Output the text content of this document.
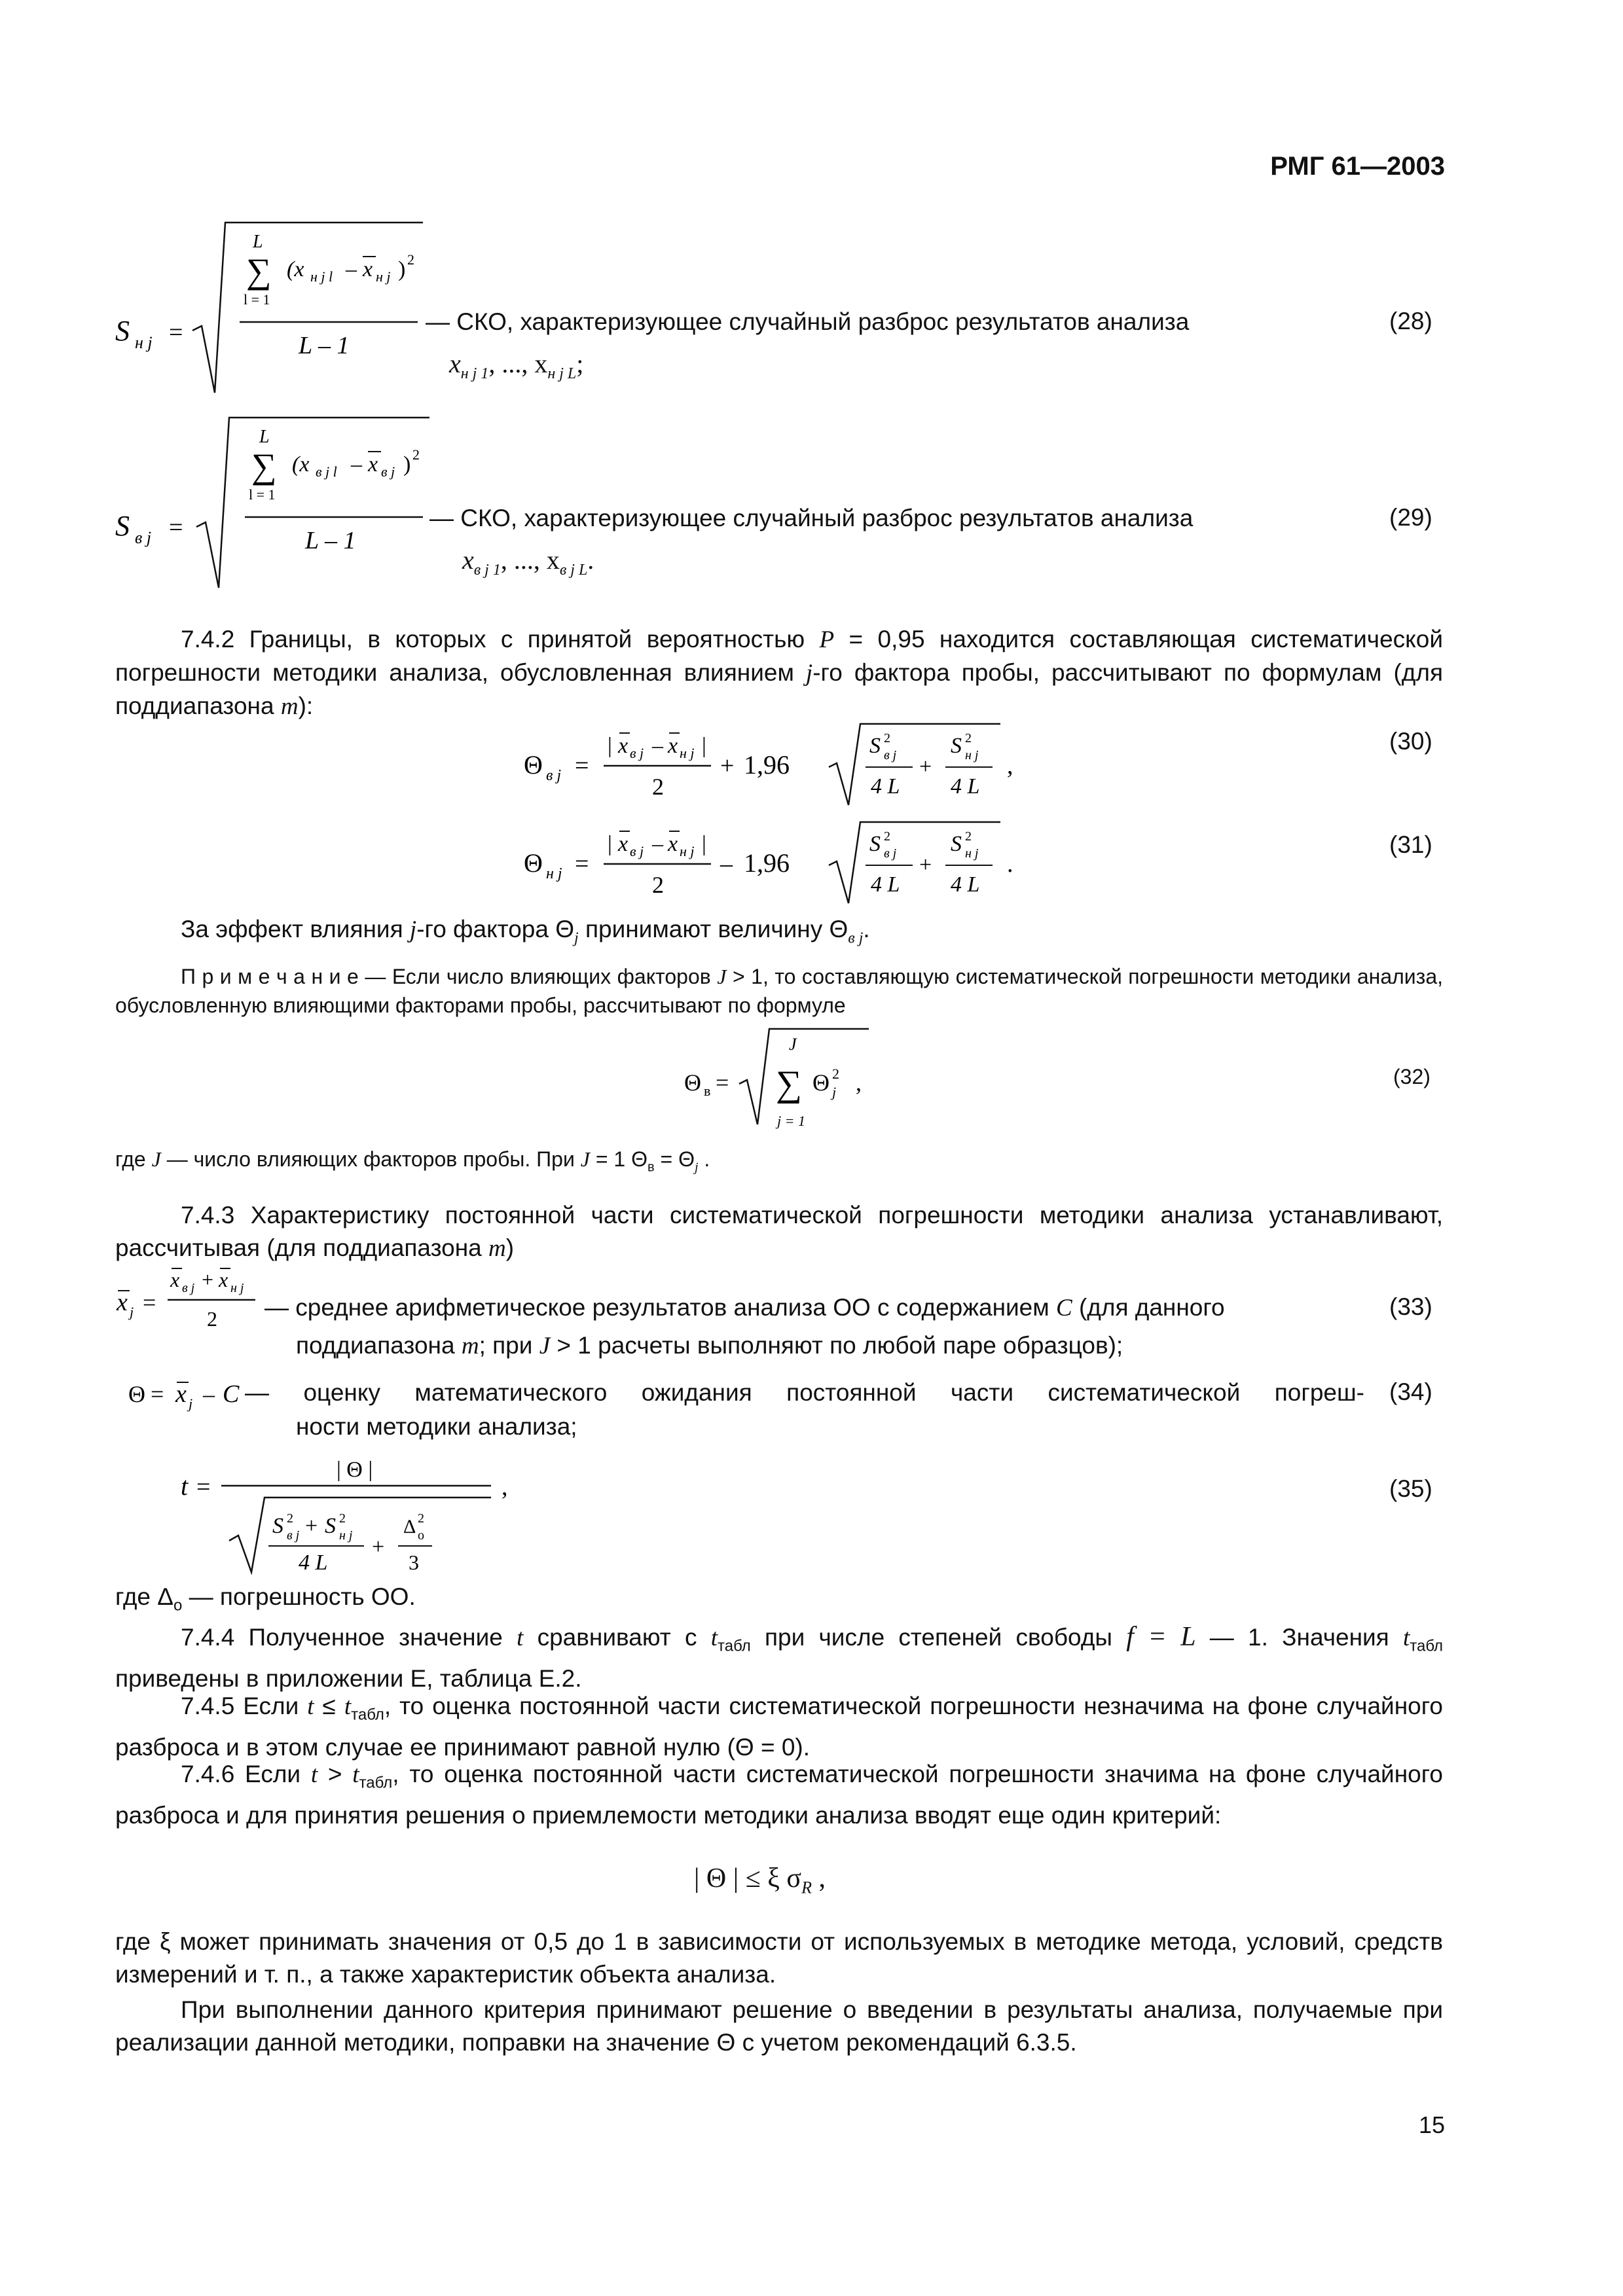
РМГ 61—2003
S н j =
L
∑
l = 1
(x н j l – x н j ) 2
L – 1
— СКО, характеризующее случайный разброс результатов анализа
$x_{н j 1}$, ..., $x_{н j L}$;
(28)
S в j =
L
∑
l = 1
(x в j l – x в j ) 2
L – 1
— СКО, характеризующее случайный разброс результатов анализа
$x_{в j 1}$, ..., $x_{в j L}$.
(29)
7.4.2 Границы, в которых с принятой вероятностью P = 0,95 находится составляющая систематической погрешности методики анализа, обусловленная влиянием j-го фактора пробы, рассчитывают по формулам (для поддиапазона m):
Θ в j =
| x в j – x н j |
2
+ 1,96
S 2
в j
4 L
+
S 2
н j
4 L
,
(30)
Θ н j =
| x в j – x н j |
2
– 1,96
S 2
в j
4 L
+
S 2
н j
4 L
.
(31)
За эффект влияния j-го фактора $\Theta_j$ принимают величину $\Theta_{в j}$.
П р и м е ч а н и е — Если число влияющих факторов J > 1, то составляющую систематической погрешности методики анализа, обусловленную влияющими факторами пробы, рассчитывают по формуле
Θ в =
J
∑
j = 1
Θ 2
j ,	(32)
где J — число влияющих факторов пробы. При J = 1 $\Theta_в = \Theta_j$ .
7.4.3 Характеристику постоянной части систематической погрешности методики анализа устанавливают, рассчитывая (для поддиапазона m)
x j =
x в j + x н j
2 — среднее арифметическое результатов анализа ОО с содержанием C (для данного
поддиапазона m; при J > 1 расчеты выполняют по любой паре образцов);
(33)
Θ = x j – C — оценку математического ожидания постоянной части систематической погреш-
ности методики анализа;
(34)
t =
| Θ |
S 2
в j + S 2
н j
4 L
+
Δ 2
о
3
,	(35)
где $\Delta_о$ — погрешность ОО.
7.4.4 Полученное значение t сравнивают с $t_{табл}$ при числе степеней свободы f = L — 1. Значения $t_{табл}$ приведены в приложении Е, таблица Е.2.
7.4.5 Если $t \le t_{табл}$, то оценка постоянной части систематической погрешности незначима на фоне случайного разброса и в этом случае ее принимают равной нулю (Θ = 0).
7.4.6 Если $t > t_{табл}$, то оценка постоянной части систематической погрешности значима на фоне случайного разброса и для принятия решения о приемлемости методики анализа вводят еще один критерий:
| Θ | ≤ ξ $\sigma_R$ ,
где ξ может принимать значения от 0,5 до 1 в зависимости от используемых в методике метода, условий, средств измерений и т. п., а также характеристик объекта анализа.
При выполнении данного критерия принимают решение о введении в результаты анализа, получаемые при реализации данной методики, поправки на значение Θ с учетом рекомендаций 6.3.5.
15
